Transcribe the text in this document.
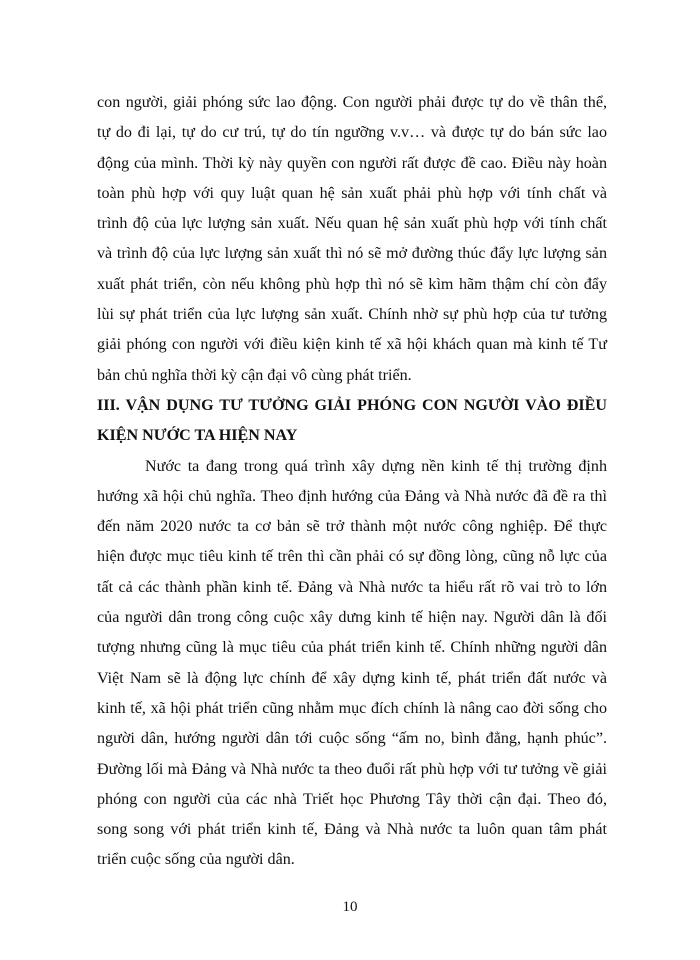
con người, giải phóng sức lao động. Con người phải được tự do về thân thể,
tự do đi lại, tự do cư trú, tự do tín ngưỡng v.v… và được tự do bán sức lao
động của mình. Thời kỳ này quyền con người rất được đề cao. Điều này hoàn
toàn phù hợp với quy luật quan hệ sản xuất phải phù hợp với tính chất và
trình độ của lực lượng sản xuất. Nếu quan hệ sản xuất phù hợp với tính chất
và trình độ của lực lượng sản xuất thì nó sẽ mở đường thúc đẩy lực lượng sản
xuất phát triển, còn nếu không phù hợp thì nó sẽ kìm hãm thậm chí còn đẩy
lùi sự phát triển của lực lượng sản xuất. Chính nhờ sự phù hợp của tư tưởng
giải phóng con người với điều kiện kinh tế xã hội khách quan mà kinh tế Tư
bản chủ nghĩa thời kỳ cận đại vô cùng phát triển.
III. VẬN DỤNG TƯ TƯỞNG GIẢI PHÓNG CON NGƯỜI VÀO ĐIỀU
KIỆN NƯỚC TA HIỆN NAY
Nước ta đang trong quá trình xây dựng nền kinh tế thị trường định
hướng xã hội chủ nghĩa. Theo định hướng của Đảng và Nhà nước đã đề ra thì
đến năm 2020 nước ta cơ bản sẽ trở thành một nước công nghiệp. Để thực
hiện được mục tiêu kinh tế trên thì cần phải có sự đồng lòng, cũng nỗ lực của
tất cả các thành phần kinh tế. Đảng và Nhà nước ta hiểu rất rõ vai trò to lớn
của người dân trong công cuộc xây dưng kinh tế hiện nay. Người dân là đối
tượng nhưng cũng là mục tiêu của phát triển kinh tế. Chính những người dân
Việt Nam sẽ là động lực chính để xây dựng kinh tế, phát triển đất nước và
kinh tế, xã hội phát triển cũng nhằm mục đích chính là nâng cao đời sống cho
người dân, hướng người dân tới cuộc sống “ấm no, bình đẳng, hạnh phúc”.
Đường lối mà Đảng và Nhà nước ta theo đuổi rất phù hợp với tư tưởng về giải
phóng con người của các nhà Triết học Phương Tây thời cận đại. Theo đó,
song song với phát triển kinh tế, Đảng và Nhà nước ta luôn quan tâm phát
triển cuộc sống của người dân.
10
